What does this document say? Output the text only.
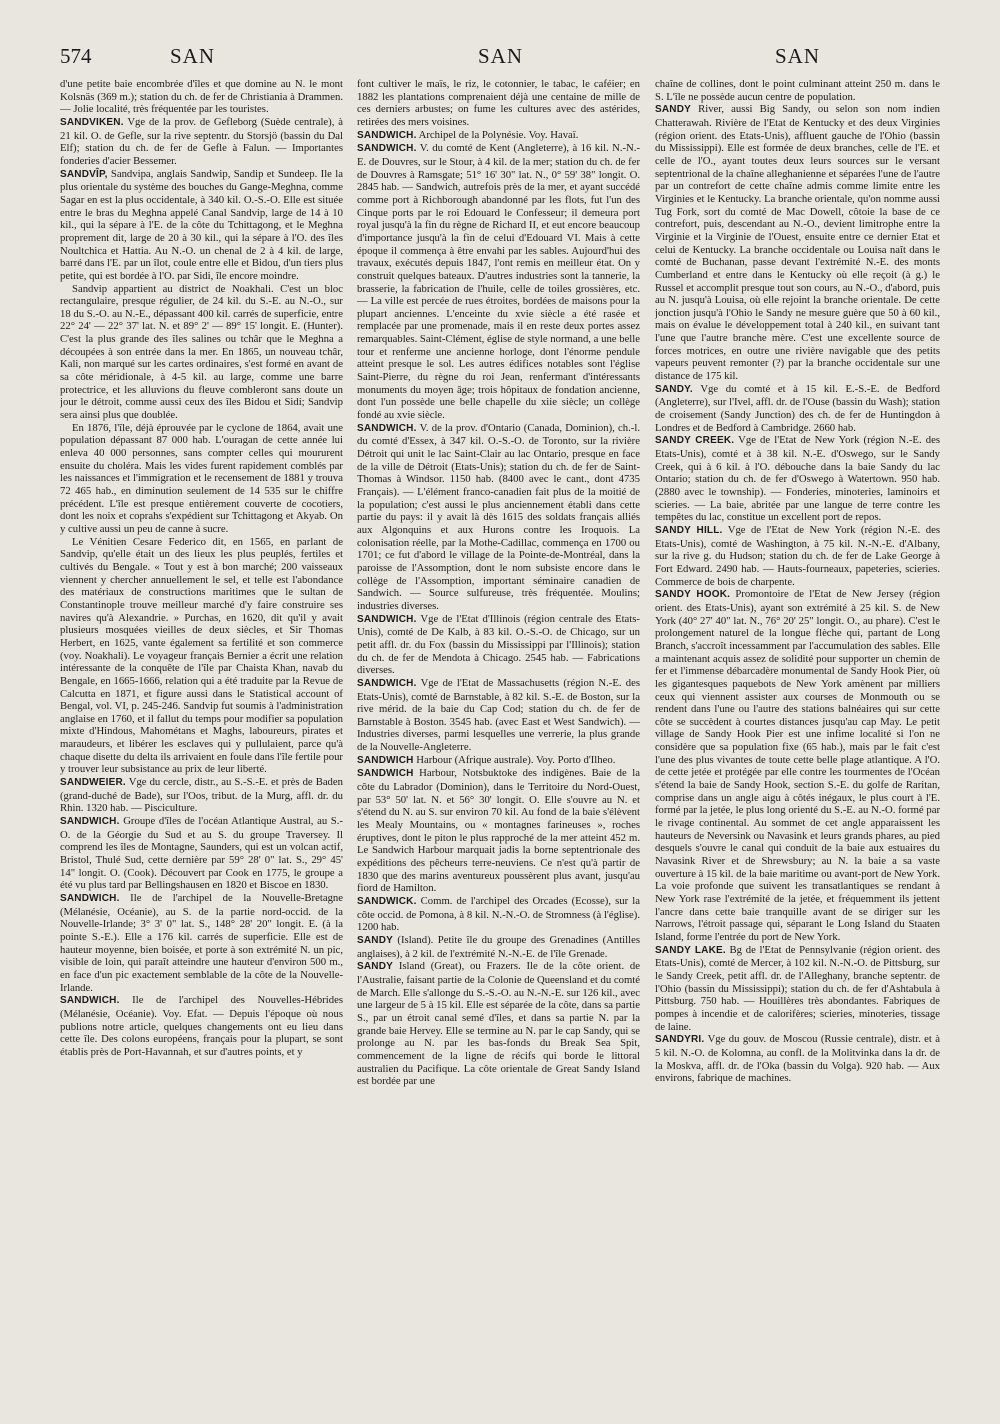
574	SAN	SAN	SAN

d'une petite baie encombrée d'îles et que domine au N. le mont Kolsnäs (369 m.); station du ch. de fer de Christiania à Drammen. — Jolie localité, très fréquentée par les touristes.

SANDVIKEN. Vge de la prov. de Gefleborg (Suède centrale), à 21 kil. O. de Gefle, sur la rive septentr. du Storsjö (bassin du Dal Elf); station du ch. de fer de Gefle à Falun. — Importantes fonderies d'acier Bessemer.

SANDVÎP, Sandvipa, anglais Sandwip, Sandip et Sundeep. Ile la plus orientale du système des bouches du Gange-Meghna, comme Sagar en est la plus occidentale, à 340 kil. O.-S.-O. Elle est située entre le bras du Meghna appelé Canal Sandvip, large de 14 à 10 kil., qui la sépare à l'E. de la côte du Tchittagong, et le Meghna proprement dit, large de 20 à 30 kil., qui la sépare à l'O. des îles Noultchica et Hattia. Au N.-O. un chenal de 2 à 4 kil. de large, barré dans l'E. par un îlot, coule entre elle et Bidou, d'un tiers plus petite, qui est bordée à l'O. par Sidi, île encore moindre.

Sandvip appartient au district de Noakhali. C'est un bloc rectangulaire, presque régulier, de 24 kil. du S.-E. au N.-O., sur 18 du S.-O. au N.-E., dépassant 400 kil. carrés de superficie, entre 22° 24' — 22° 37' lat. N. et 89° 2' — 89° 15' longit. E. (Hunter). C'est la plus grande des îles salines ou tchâr que le Meghna a découpées à son entrée dans la mer. En 1865, un nouveau tchâr, Kali, non marqué sur les cartes ordinaires, s'est formé en avant de sa côte méridionale, à 4-5 kil. au large, comme une barre protectrice, et les alluvions du fleuve combleront sans doute un jour le détroit, comme aussi ceux des îles Bidou et Sidi; Sandvip sera ainsi plus que doublée.

En 1876, l'île, déjà éprouvée par le cyclone de 1864, avait une population dépassant 87 000 hab. L'ouragan de cette année lui enleva 40 000 personnes, sans compter celles qui moururent ensuite du choléra. Mais les vides furent rapidement comblés par les naissances et l'immigration et le recensement de 1881 y trouva 72 465 hab., en diminution seulement de 14 535 sur le chiffre précédent. L'île est presque entièrement couverte de cocotiers, dont les noix et coprahs s'expédient sur Tchittagong et Akyab. On y cultive aussi un peu de canne à sucre.

Le Vénitien Cesare Federico dit, en 1565, en parlant de Sandvip, qu'elle était un des lieux les plus peuplés, fertiles et cultivés du Bengale. « Tout y est à bon marché; 200 vaisseaux viennent y chercher annuellement le sel, et telle est l'abondance des matériaux de constructions maritimes que le sultan de Constantinople trouve meilleur marché d'y faire construire ses navires qu'à Alexandrie. » Purchas, en 1620, dit qu'il y avait plusieurs mosquées vieilles de deux siècles, et Sir Thomas Herbert, en 1625, vante également sa fertilité et son commerce (voy. Noakhali). Le voyageur français Bernier a écrit une relation intéressante de la conquête de l'île par Chaista Khan, navab du Bengale, en 1665-1666, relation qui a été traduite par la Revue de Calcutta en 1871, et figure aussi dans le Statistical account of Bengal, vol. VI, p. 245-246. Sandvip fut soumis à l'administration anglaise en 1760, et il fallut du temps pour modifier sa population mixte d'Hindous, Mahométans et Maghs, laboureurs, pirates et maraudeurs, et libérer les esclaves qui y pullulaient, parce qu'à chaque disette du delta ils arrivaient en foule dans l'île fertile pour y trouver leur subsistance au prix de leur liberté.

SANDWEIER. Vge du cercle, distr., au S.-S.-E. et près de Baden (grand-duché de Bade), sur l'Oos, tribut. de la Murg, affl. dr. du Rhin. 1320 hab. — Pisciculture.

SANDWICH. Groupe d'îles de l'océan Atlantique Austral, au S.-O. de la Géorgie du Sud et au S. du groupe Traversey. Il comprend les îles de Montagne, Saunders, qui est un volcan actif, Bristol, Thulé Sud, cette dernière par 59° 28' 0" lat. S., 29° 45' 14" longit. O. (Cook). Découvert par Cook en 1775, le groupe a été vu plus tard par Bellingshausen en 1820 et Biscoe en 1830.

SANDWICH. Ile de l'archipel de la Nouvelle-Bretagne (Mélanésie, Océanie), au S. de la partie nord-occid. de la Nouvelle-Irlande; 3° 3' 0" lat. S., 148° 28' 20" longit. E. (à la pointe S.-E.). Elle a 176 kil. carrés de superficie. Elle est de hauteur moyenne, bien boisée, et porte à son extrémité N. un pic, visible de loin, qui paraît atteindre une hauteur d'environ 500 m., en face d'un pic exactement semblable de la côte de la Nouvelle-Irlande.

SANDWICH. Ile de l'archipel des Nouvelles-Hébrides (Mélanésie, Océanie). Voy. Efat. — Depuis l'époque où nous publions notre article, quelques changements ont eu lieu dans cette île. Des colons européens, français pour la plupart, se sont établis près de Port-Havannah, et sur d'autres points, et y

font cultiver le maïs, le riz, le cotonnier, le tabac, le caféier; en 1882 les plantations comprenaient déjà une centaine de mille de ces derniers arbustes; on fume les cultures avec des astérides, retirées des mers voisines.

SANDWICH. Archipel de la Polynésie. Voy. Havaï.

SANDWICH. V. du comté de Kent (Angleterre), à 16 kil. N.-N.-E. de Douvres, sur le Stour, à 4 kil. de la mer; station du ch. de fer de Douvres à Ramsgate; 51° 16' 30" lat. N., 0° 59' 38" longit. O. 2845 hab. — Sandwich, autrefois près de la mer, et ayant succédé comme port à Richborough abandonné par les flots, fut l'un des Cinque ports par le roi Edouard le Confesseur; il demeura port royal jusqu'à la fin du règne de Richard II, et eut encore beaucoup d'importance jusqu'à la fin de celui d'Edouard VI. Mais à cette époque il commença à être envahi par les sables. Aujourd'hui des travaux, exécutés depuis 1847, l'ont remis en meilleur état. On y construit quelques bateaux. D'autres industries sont la tannerie, la brasserie, la fabrication de l'huile, celle de toiles grossières, etc. — La ville est percée de rues étroites, bordées de maisons pour la plupart anciennes. L'enceinte du xvie siècle a été rasée et remplacée par une promenade, mais il en reste deux portes assez remarquables. Saint-Clément, église de style normand, a une belle tour et renferme une ancienne horloge, dont l'énorme pendule atteint presque le sol. Les autres édifices notables sont l'église Saint-Pierre, du règne du roi Jean, renfermant d'intéressants monuments du moyen âge; trois hôpitaux de fondation ancienne, dont l'un possède une belle chapelle du xiie siècle; un collège fondé au xvie siècle.

SANDWICH. V. de la prov. d'Ontario (Canada, Dominion), ch.-l. du comté d'Essex, à 347 kil. O.-S.-O. de Toronto, sur la rivière Détroit qui unit le lac Saint-Clair au lac Ontario, presque en face de la ville de Détroit (Etats-Unis); station du ch. de fer de Saint-Thomas à Windsor. 1150 hab. (8400 avec le cant., dont 4735 Français). — L'élément franco-canadien fait plus de la moitié de la population; c'est aussi le plus anciennement établi dans cette partie du pays: il y avait là dès 1615 des soldats français alliés aux Algonquins et aux Hurons contre les Iroquois. La colonisation réelle, par la Mothe-Cadillac, commença en 1700 ou 1701; ce fut d'abord le village de la Pointe-de-Montréal, dans la paroisse de l'Assomption, dont le nom subsiste encore dans le collège de l'Assomption, important séminaire canadien de Sandwich. — Source sulfureuse, très fréquentée. Moulins; industries diverses.

SANDWICH. Vge de l'Etat d'Illinois (région centrale des Etats-Unis), comté de De Kalb, à 83 kil. O.-S.-O. de Chicago, sur un petit affl. dr. du Fox (bassin du Mississippi par l'Illinois); station du ch. de fer de Mendota à Chicago. 2545 hab. — Fabrications diverses.

SANDWICH. Vge de l'Etat de Massachusetts (région N.-E. des Etats-Unis), comté de Barnstable, à 82 kil. S.-E. de Boston, sur la rive mérid. de la baie du Cap Cod; station du ch. de fer de Barnstable à Boston. 3545 hab. (avec East et West Sandwich). — Industries diverses, parmi lesquelles une verrerie, la plus grande de la Nouvelle-Angleterre.

SANDWICH Harbour (Afrique australe). Voy. Porto d'Ilheo.

SANDWICH Harbour, Notsbuktoke des indigènes. Baie de la côte du Labrador (Dominion), dans le Territoire du Nord-Ouest, par 53° 50' lat. N. et 56° 30' longit. O. Elle s'ouvre au N. et s'étend du N. au S. sur environ 70 kil. Au fond de la baie s'élèvent les Mealy Mountains, ou « montagnes farineuses », roches éruptives, dont le piton le plus rapproché de la mer atteint 452 m. Le Sandwich Harbour marquait jadis la borne septentrionale des expéditions des pêcheurs terre-neuviens. Ce n'est qu'à partir de 1830 que des marins aventureux poussèrent plus avant, jusqu'au fiord de Hamilton.

SANDWICK. Comm. de l'archipel des Orcades (Ecosse), sur la côte occid. de Pomona, à 8 kil. N.-N.-O. de Stromness (à l'église). 1200 hab.

SANDY (Island). Petite île du groupe des Grenadines (Antilles anglaises), à 2 kil. de l'extrémité N.-N.-E. de l'île Grenade.

SANDY Island (Great), ou Frazers. Ile de la côte orient. de l'Australie, faisant partie de la Colonie de Queensland et du comté de March. Elle s'allonge du S.-S.-O. au N.-N.-E. sur 126 kil., avec une largeur de 5 à 15 kil. Elle est séparée de la côte, dans sa partie S., par un étroit canal semé d'îles, et dans sa partie N. par la grande baie Hervey. Elle se termine au N. par le cap Sandy, qui se prolonge au N. par les bas-fonds du Break Sea Spit, commencement de la ligne de récifs qui borde le littoral australien du Pacifique. La côte orientale de Great Sandy Island est bordée par une

chaîne de collines, dont le point culminant atteint 250 m. dans le S. L'île ne possède aucun centre de population.

SANDY River, aussi Big Sandy, ou selon son nom indien Chatterawah. Rivière de l'Etat de Kentucky et des deux Virginies (région orient. des Etats-Unis), affluent gauche de l'Ohio (bassin du Mississippi). Elle est formée de deux branches, celle de l'E. et celle de l'O., ayant toutes deux leurs sources sur le versant septentrional de la chaîne alleghanienne et séparées l'une de l'autre par un contrefort de cette chaîne admis comme limite entre les Virginies et le Kentucky. La branche orientale, qu'on nomme aussi Tug Fork, sort du comté de Mac Dowell, côtoie la base de ce contrefort, puis, descendant au N.-O., devient limitrophe entre la Virginie et la Virginie de l'Ouest, ensuite entre ce dernier Etat et celui de Kentucky. La branche occidentale ou Louisa naît dans le comté de Buchanan, passe devant l'extrémité N.-E. des monts Cumberland et entre dans le Kentucky où elle reçoit (à g.) le Russel et accomplit presque tout son cours, au N.-O., d'abord, puis au N. jusqu'à Louisa, où elle rejoint la branche orientale. De cette jonction jusqu'à l'Ohio le Sandy ne mesure guère que 50 à 60 kil., mais on évalue le développement total à 240 kil., en suivant tant l'une que l'autre branche mère. C'est une excellente source de forces motrices, en outre une rivière navigable que des petits vapeurs peuvent remonter (?) par la branche occidentale sur une distance de 175 kil.

SANDY. Vge du comté et à 15 kil. E.-S.-E. de Bedford (Angleterre), sur l'Ivel, affl. dr. de l'Ouse (bassin du Wash); station de croisement (Sandy Junction) des ch. de fer de Huntingdon à Londres et de Bedford à Cambridge. 2660 hab.

SANDY CREEK. Vge de l'Etat de New York (région N.-E. des Etats-Unis), comté et à 38 kil. N.-E. d'Oswego, sur le Sandy Creek, qui à 6 kil. à l'O. débouche dans la baie Sandy du lac Ontario; station du ch. de fer d'Oswego à Watertown. 950 hab. (2880 avec le township). — Fonderies, minoteries, laminoirs et scieries. — La baie, abritée par une langue de terre contre les tempêtes du lac, constitue un excellent port de repos.

SANDY HILL. Vge de l'Etat de New York (région N.-E. des Etats-Unis), comté de Washington, à 75 kil. N.-N.-E. d'Albany, sur la rive g. du Hudson; station du ch. de fer de Lake George à Fort Edward. 2490 hab. — Hauts-fourneaux, papeteries, scieries. Commerce de bois de charpente.

SANDY HOOK. Promontoire de l'Etat de New Jersey (région orient. des Etats-Unis), ayant son extrémité à 25 kil. S. de New York (40° 27' 40" lat. N., 76° 20' 25" longit. O., au phare). C'est le prolongement naturel de la longue flèche qui, partant de Long Branch, s'accroît incessamment par l'accumulation des sables. Elle a maintenant acquis assez de solidité pour supporter un chemin de fer et l'immense débarcadère monumental de Sandy Hook Pier, où les gigantesques paquebots de New York amènent par milliers ceux qui viennent assister aux courses de Monmouth ou se rendent dans l'une ou l'autre des stations balnéaires qui sur cette côte se succèdent à courtes distances jusqu'au cap May. Le petit village de Sandy Hook Pier est une infime localité si l'on ne considère que sa population fixe (65 hab.), mais par le fait c'est l'une des plus vivantes de toute cette belle plage atlantique. A l'O. de cette jetée et protégée par elle contre les tourmentes de l'Océan s'étend la baie de Sandy Hook, section S.-E. du golfe de Raritan, comprise dans un angle aigu à côtés inégaux, le plus court à l'E. formé par la jetée, le plus long orienté du S.-E. au N.-O. formé par le rivage continental. Au sommet de cet angle apparaissent les hauteurs de Neversink ou Navasink et leurs grands phares, au pied desquels s'ouvre le canal qui conduit de la baie aux estuaires du Navasink River et de Shrewsbury; au N. la baie a sa vaste ouverture à 15 kil. de la baie maritime ou avant-port de New York. La voie profonde que suivent les transatlantiques se rendant à New York rase l'extrémité de la jetée, et fréquemment ils jettent l'ancre dans cette baie tranquille avant de se diriger sur les Narrows, l'étroit passage qui, séparant le Long Island du Staaten Island, forme l'entrée du port de New York.

SANDY LAKE. Bg de l'Etat de Pennsylvanie (région orient. des Etats-Unis), comté de Mercer, à 102 kil. N.-N.-O. de Pittsburg, sur le Sandy Creek, petit affl. dr. de l'Alleghany, branche septentr. de l'Ohio (bassin du Mississippi); station du ch. de fer d'Ashtabula à Pittsburg. 750 hab. — Houillères très abondantes. Fabriques de pompes à incendie et de calorifères; scieries, minoteries, tissage de laine.

SANDYRI. Vge du gouv. de Moscou (Russie centrale), distr. et à 5 kil. N.-O. de Kolomna, au confl. de la Molitvinka dans la dr. de la Moskva, affl. dr. de l'Oka (bassin du Volga). 920 hab. — Aux environs, fabrique de machines.
